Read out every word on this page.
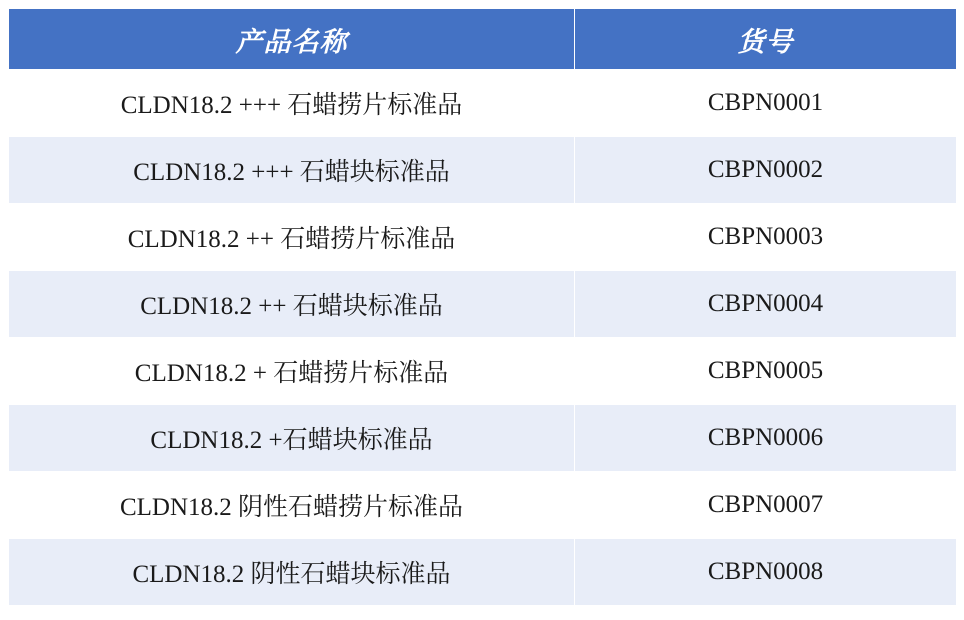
产品名称	货号
CLDN18.2 +++ 石蜡捞片标准品	CBPN0001
CLDN18.2 +++ 石蜡块标准品	CBPN0002
CLDN18.2 ++ 石蜡捞片标准品	CBPN0003
CLDN18.2 ++ 石蜡块标准品	CBPN0004
CLDN18.2 + 石蜡捞片标准品	CBPN0005
CLDN18.2 +石蜡块标准品	CBPN0006
CLDN18.2 阴性石蜡捞片标准品	CBPN0007
CLDN18.2 阴性石蜡块标准品	CBPN0008
